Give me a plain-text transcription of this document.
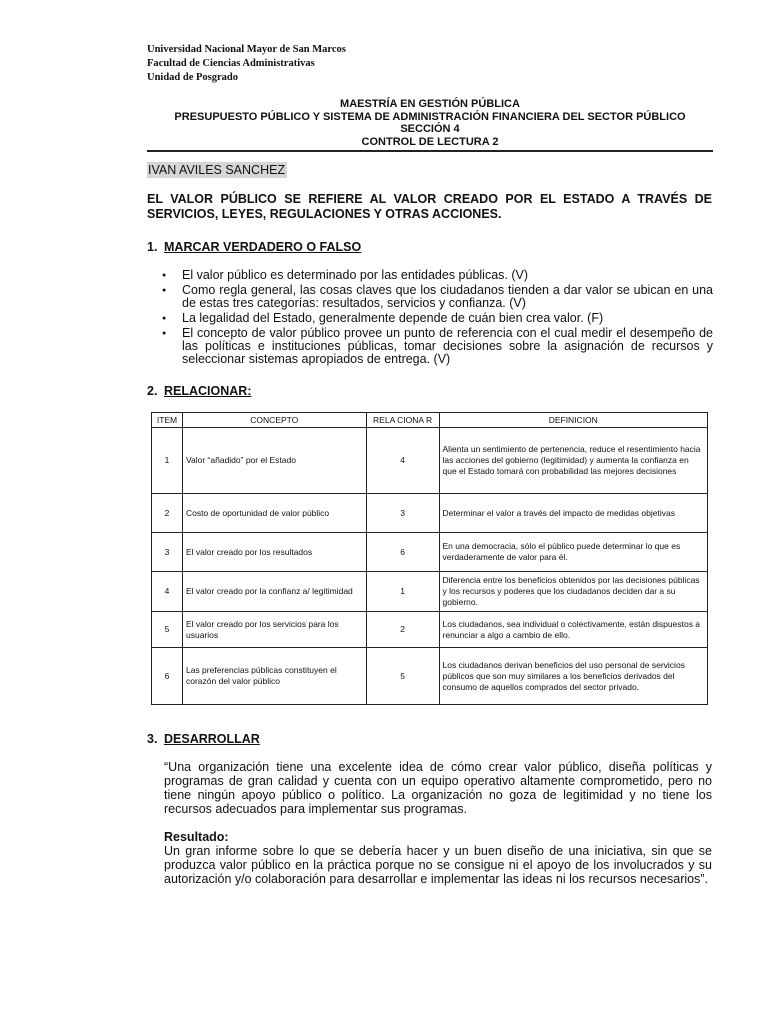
Universidad Nacional Mayor de San Marcos
Facultad de Ciencias Administrativas
Unidad de Posgrado
MAESTRÍA EN GESTIÓN PÚBLICA
PRESUPUESTO PÚBLICO Y SISTEMA DE ADMINISTRACIÓN FINANCIERA DEL SECTOR PÚBLICO
SECCIÓN 4
CONTROL DE LECTURA 2
IVAN AVILES SANCHEZ
EL VALOR PÚBLICO SE REFIERE AL VALOR CREADO POR EL ESTADO A TRAVÉS DE SERVICIOS, LEYES, REGULACIONES Y OTRAS ACCIONES.
1. MARCAR VERDADERO O FALSO
● El valor público es determinado por las entidades públicas. (V)
● Como regla general, las cosas claves que los ciudadanos tienden a dar valor se ubican en una de estas tres categorías: resultados, servicios y confianza. (V)
● La legalidad del Estado, generalmente depende de cuán bien crea valor. (F)
● El concepto de valor público provee un punto de referencia con el cual medir el desempeño de las políticas e instituciones públicas, tomar decisiones sobre la asignación de recursos y seleccionar sistemas apropiados de entrega. (V)
2. RELACIONAR:
ITEM	CONCEPTO	RELA CIONA R	DEFINICION
1	Valor “añadido” por el Estado	4	Alienta un sentimiento de pertenencia, reduce el resentimiento hacia las acciones del gobierno (legitimidad) y aumenta la confianza en que el Estado tomará con probabilidad las mejores decisiones
2	Costo de oportunidad de valor público	3	Determinar el valor a través del impacto de medidas objetivas
3	El valor creado por los resultados	6	En una democracia, sólo el público puede determinar lo que es verdaderamente de valor para él.
4	El valor creado por la confianz a/ legitimidad	1	Diferencia entre los beneficios obtenidos por las decisiones públicas y los recursos y poderes que los ciudadanos deciden dar a su gobierno.
5	El valor creado por los servicios para los usuarios	2	Los ciudadanos, sea individual o colectivamente, están dispuestos a renunciar a algo a cambio de ello.
6	Las preferencias públicas constituyen el corazón del valor público	5	Los ciudadanos derivan beneficios del uso personal de servicios públicos que son muy similares a los beneficios derivados del consumo de aquellos comprados del sector privado.
3. DESARROLLAR
“Una organización tiene una excelente idea de cómo crear valor público, diseña políticas y programas de gran calidad y cuenta con un equipo operativo altamente comprometido, pero no tiene ningún apoyo público o político. La organización no goza de legitimidad y no tiene los recursos adecuados para implementar sus programas.
Resultado:
Un gran informe sobre lo que se debería hacer y un buen diseño de una iniciativa, sin que se produzca valor público en la práctica porque no se consigue ni el apoyo de los involucrados y su autorización y/o colaboración para desarrollar e implementar las ideas ni los recursos necesarios”.
